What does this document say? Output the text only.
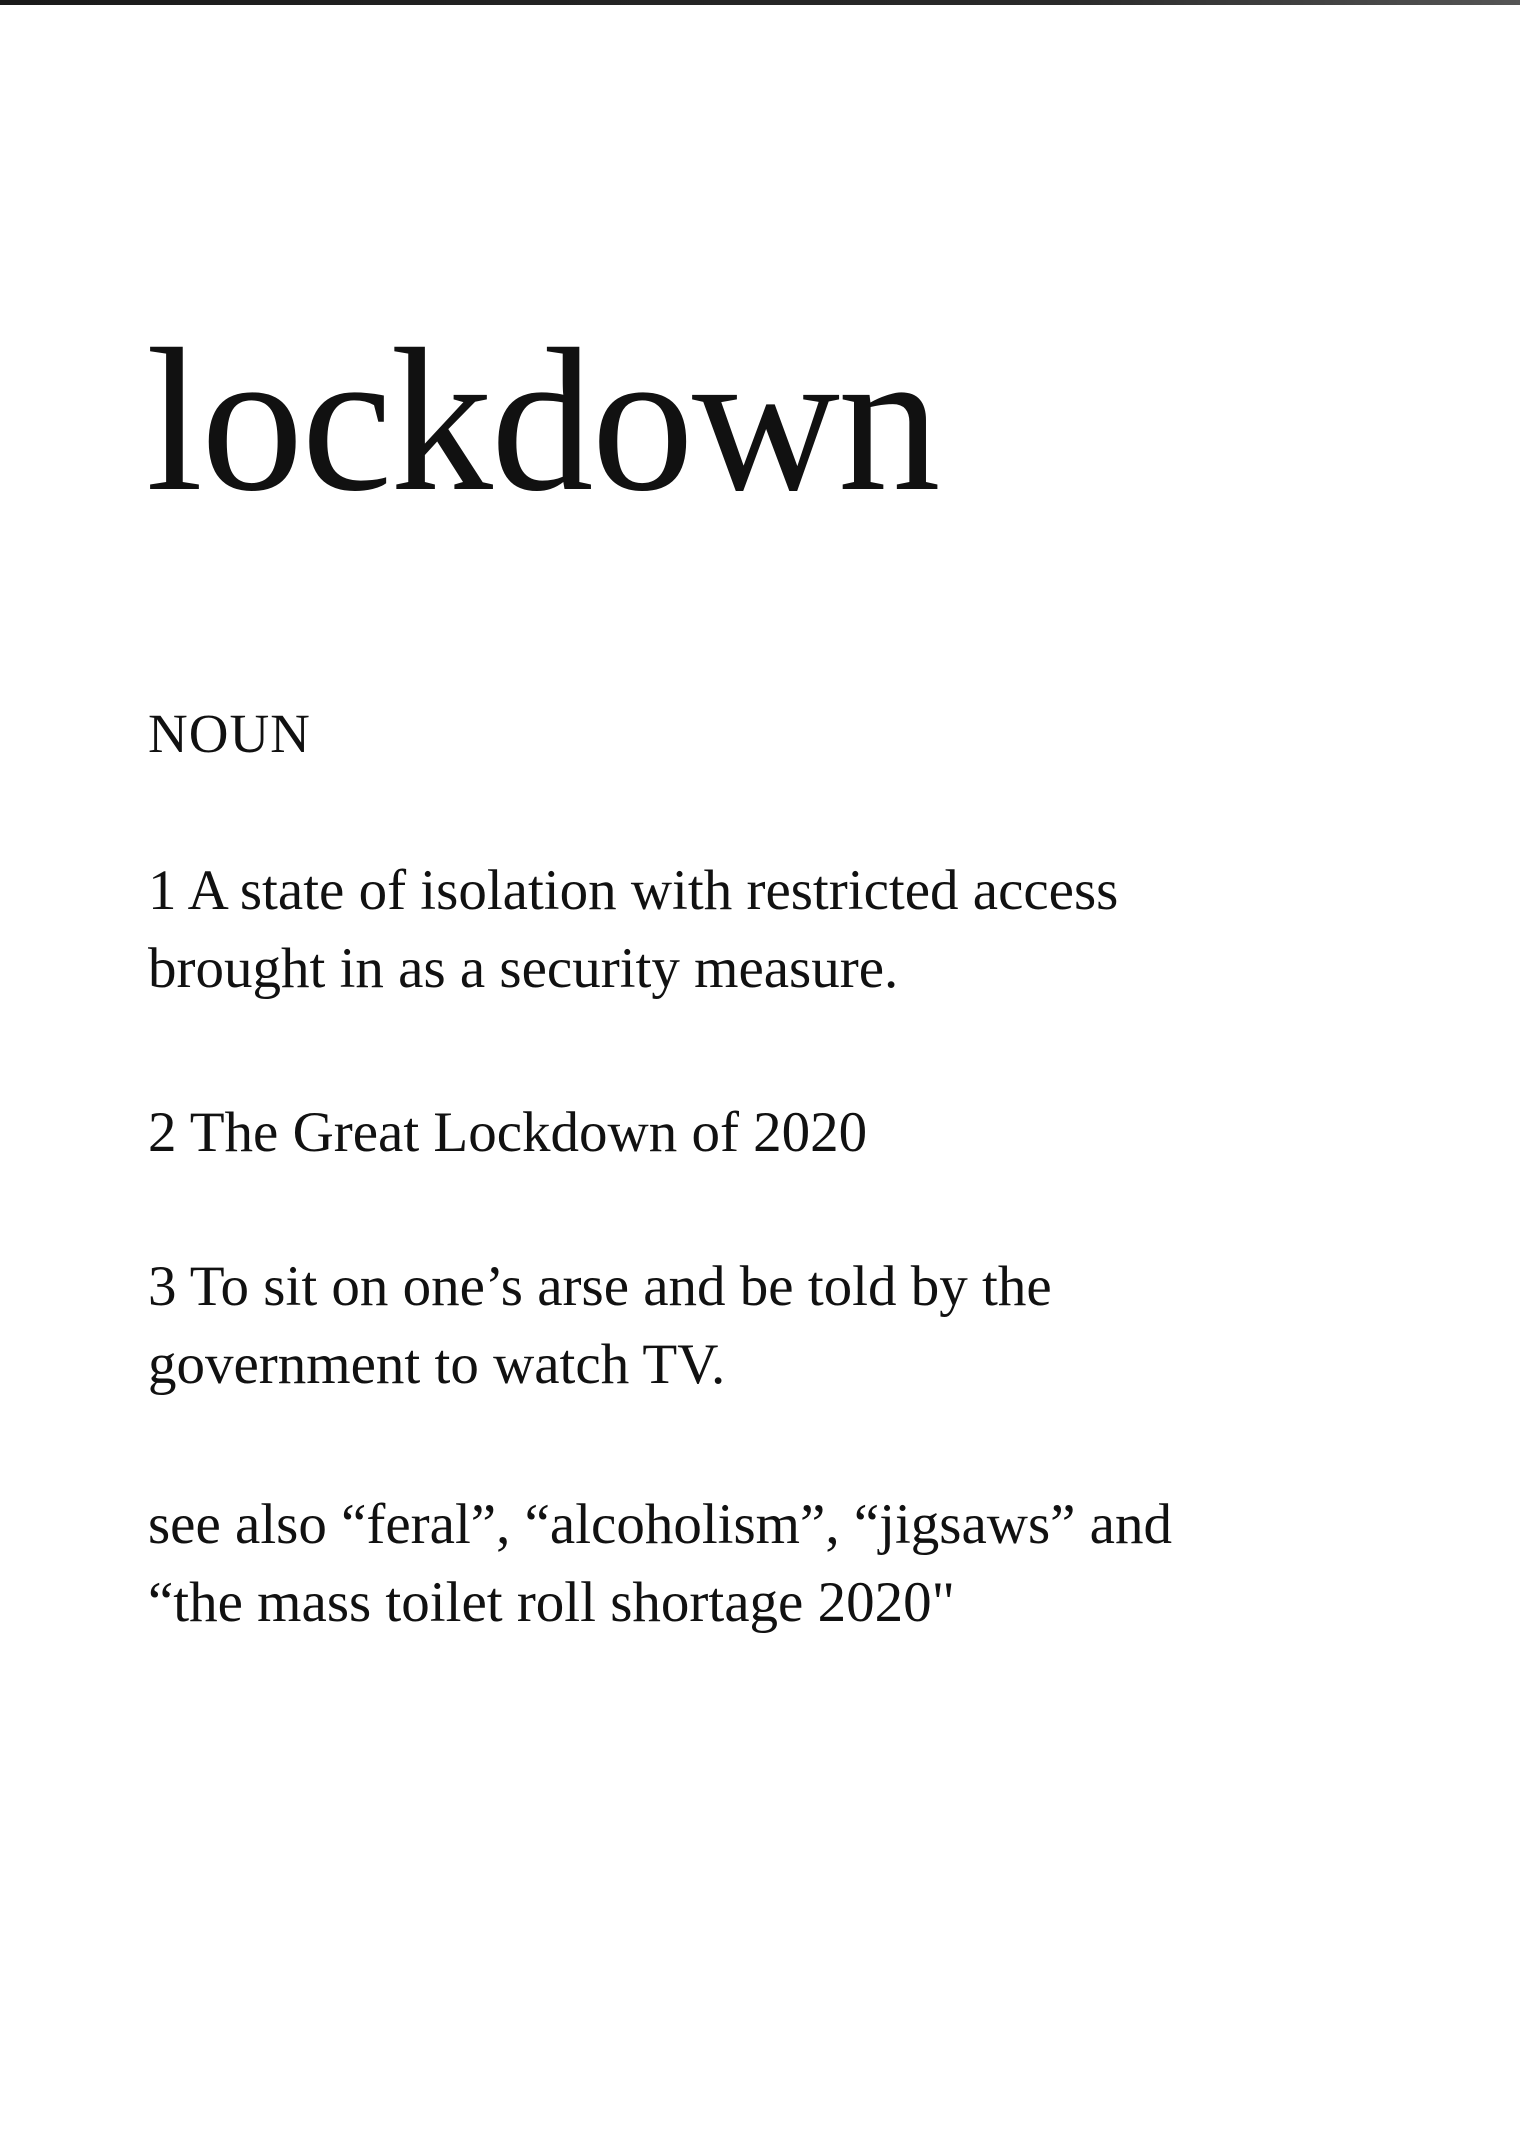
lockdown

NOUN

1 A state of isolation with restricted access
brought in as a security measure.

2 The Great Lockdown of 2020

3 To sit on one’s arse and be told by the
government to watch TV.

see also “feral”, “alcoholism”, “jigsaws” and
“the mass toilet roll shortage 2020"
